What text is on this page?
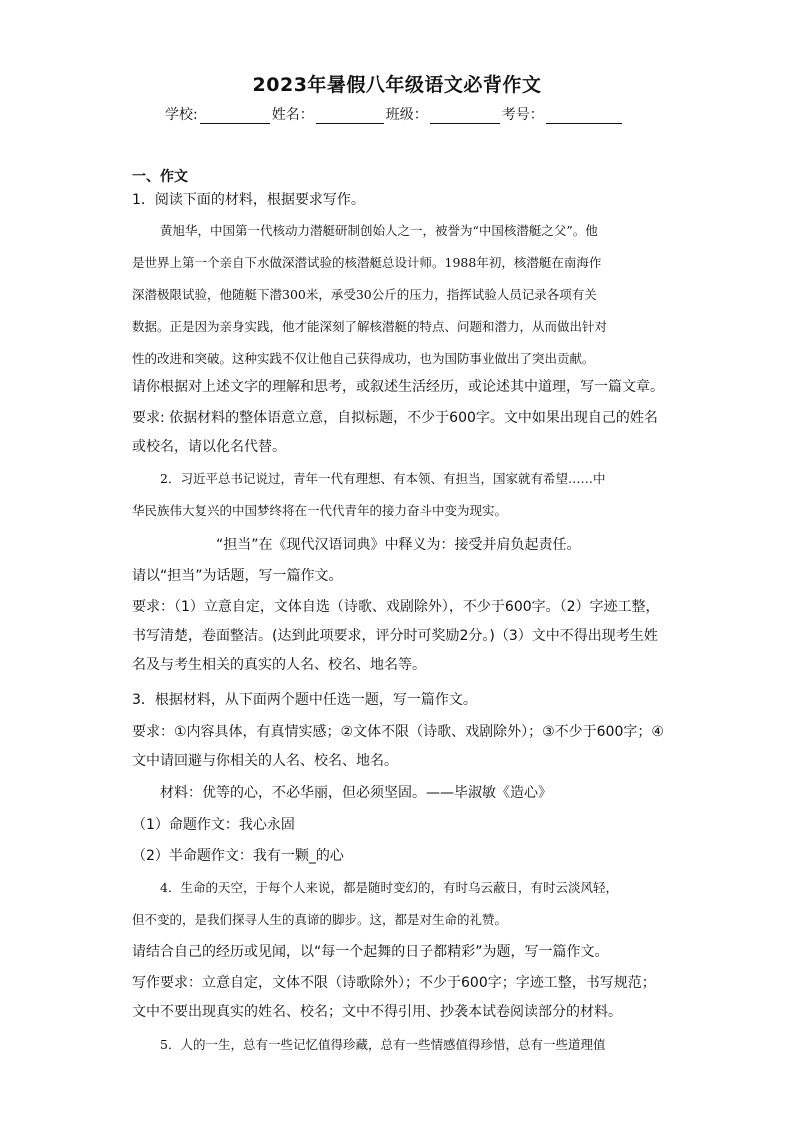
2023年暑假八年级语文必背作文
学校:	姓名：	班级：	考号：
一、作文
1．阅读下面的材料，根据要求写作。
黄旭华，中国第一代核动力潜艇研制创始人之一，被誉为“中国核潜艇之父”。他
是世界上第一个亲自下水做深潜试验的核潜艇总设计师。1988年初，核潜艇在南海作
深潜极限试验，他随艇下潜300米，承受30公斤的压力，指挥试验人员记录各项有关
数据。正是因为亲身实践，他才能深刻了解核潜艇的特点、问题和潜力，从而做出针对
性的改进和突破。这种实践不仅让他自己获得成功，也为国防事业做出了突出贡献。
请你根据对上述文字的理解和思考，或叙述生活经历，或论述其中道理，写一篇文章。
要求: 依据材料的整体语意立意，自拟标题，不少于600字。文中如果出现自己的姓名
或校名，请以化名代替。
2．习近平总书记说过，青年一代有理想、有本领、有担当，国家就有希望……中
华民族伟大复兴的中国梦终将在一代代青年的接力奋斗中变为现实。
“担当”在《现代汉语词典》中释义为：接受并肩负起责任。
请以“担当”为话题，写一篇作文。
要求：（1）立意自定，文体自选（诗歌、戏剧除外），不少于600字。（2）字迹工整，
书写清楚，卷面整洁。(达到此项要求，评分时可奖励2分。)（3）文中不得出现考生姓
名及与考生相关的真实的人名、校名、地名等。
3．根据材料，从下面两个题中任选一题，写一篇作文。
要求：①内容具体，有真情实感；②文体不限（诗歌、戏剧除外）；③不少于600字；④
文中请回避与你相关的人名、校名、地名。
材料：优等的心，不必华丽，但必须坚固。——毕淑敏《造心》
（1）命题作文：我心永固
（2）半命题作文：我有一颗_的心
4．生命的天空，于每个人来说，都是随时变幻的，有时乌云蔽日，有时云淡风轻，
但不变的，是我们探寻人生的真谛的脚步。这，都是对生命的礼赞。
请结合自己的经历或见闻，以“每一个起舞的日子都精彩”为题，写一篇作文。
写作要求：立意自定，文体不限（诗歌除外）；不少于600字；字迹工整，书写规范；
文中不要出现真实的姓名、校名；文中不得引用、抄袭本试卷阅读部分的材料。
5．人的一生，总有一些记忆值得珍藏，总有一些情感值得珍惜，总有一些道理值
